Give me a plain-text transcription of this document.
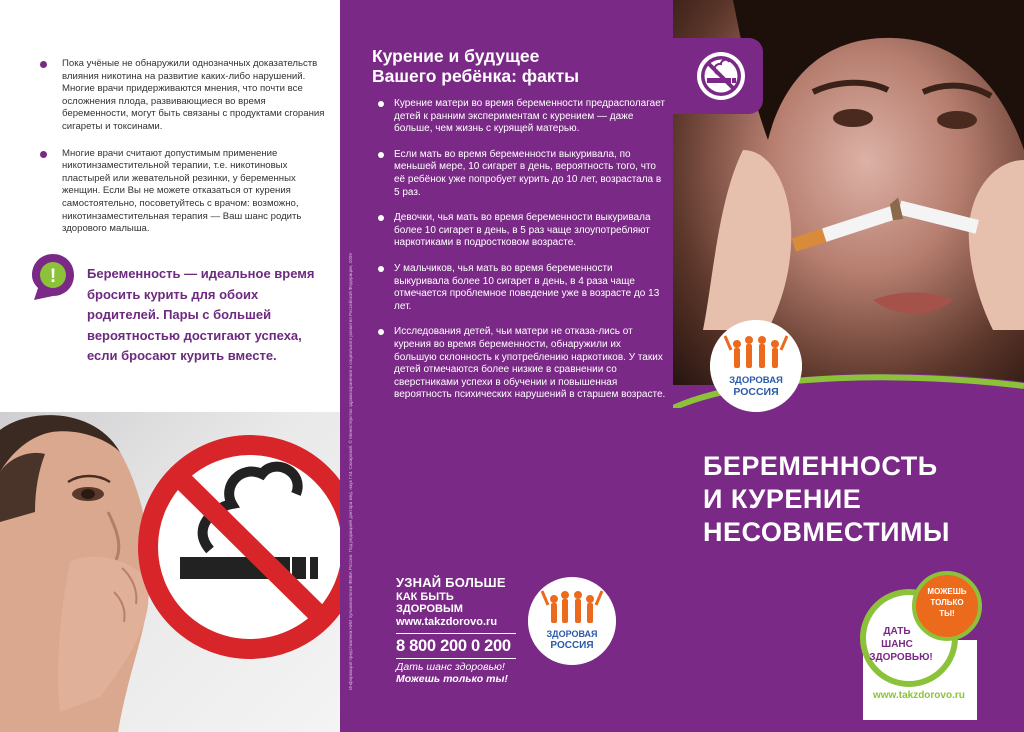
Пока учёные не обнаружили однозначных доказательств влияния никотина на развитие каких-либо нарушений. Многие врачи придерживаются мнения, что почти все осложнения плода, развивающиеся во время беременности, могут быть связаны с продуктами сгорания сигареты и токсинами.

Многие врачи считают допустимым применение никотинзаместительной терапии, т.е. никотиновых пластырей или жевательной резинки, у беременных женщин. Если Вы не можете отказаться от курения самостоятельно, посоветуйтесь с врачом: возможно, никотинзаместительная терапия — Ваш шанс родить здорового малыша.

! Беременность — идеальное время бросить курить для обоих родителей. Пары с большей вероятностью достигают успеха, если бросают курить вместе.	Информация представлена НИИ пульмонологии ФМБА России. Под редакцией доктора мед. наук Г.М. Сахаровой. © Министерство здравоохранения и социального развития Российской Федерации, 2009
Курение и будущее
Вашего ребёнка: факты

Курение матери во время беременности предрасполагает детей к ранним экспериментам с курением — даже больше, чем жизнь с курящей матерью.

Если мать во время беременности выкуривала, по меньшей мере, 10 сигарет в день, вероятность того, что её ребёнок уже попробует курить до 10 лет, возрастала в 5 раз.

Девочки, чья мать во время беременности выкуривала более 10 сигарет в день, в 5 раз чаще злоупотребляют наркотиками в подростковом возрасте.

У мальчиков, чья мать во время беременности выкуривала более 10 сигарет в день, в 4 раза чаще отмечается проблемное поведение уже в возрасте до 13 лет.

Исследования детей, чьи матери не отказа-лись от курения во время беременности, обнаружили их большую склонность к употреблению наркотиков. У таких детей отмечаются более низкие в сравнении со сверстниками успехи в обучении и повышенная вероятность психических нарушений в старшем возрасте.

УЗНАЙ БОЛЬШЕ
КАК БЫТЬ ЗДОРОВЫМ
www.takzdorovo.ru
8 800 200 0 200
Дать шанс здоровью!
Можешь только ты!
ЗДОРОВАЯ
РОССИЯ
ЗДОРОВАЯ
РОССИЯ
БЕРЕМЕННОСТЬ
И КУРЕНИЕ
НЕСОВМЕСТИМЫ
МОЖЕШЬ
ТОЛЬКО
ТЫ!
ДАТЬ
ШАНС
ЗДОРОВЬЮ!
www.takzdorovo.ru
